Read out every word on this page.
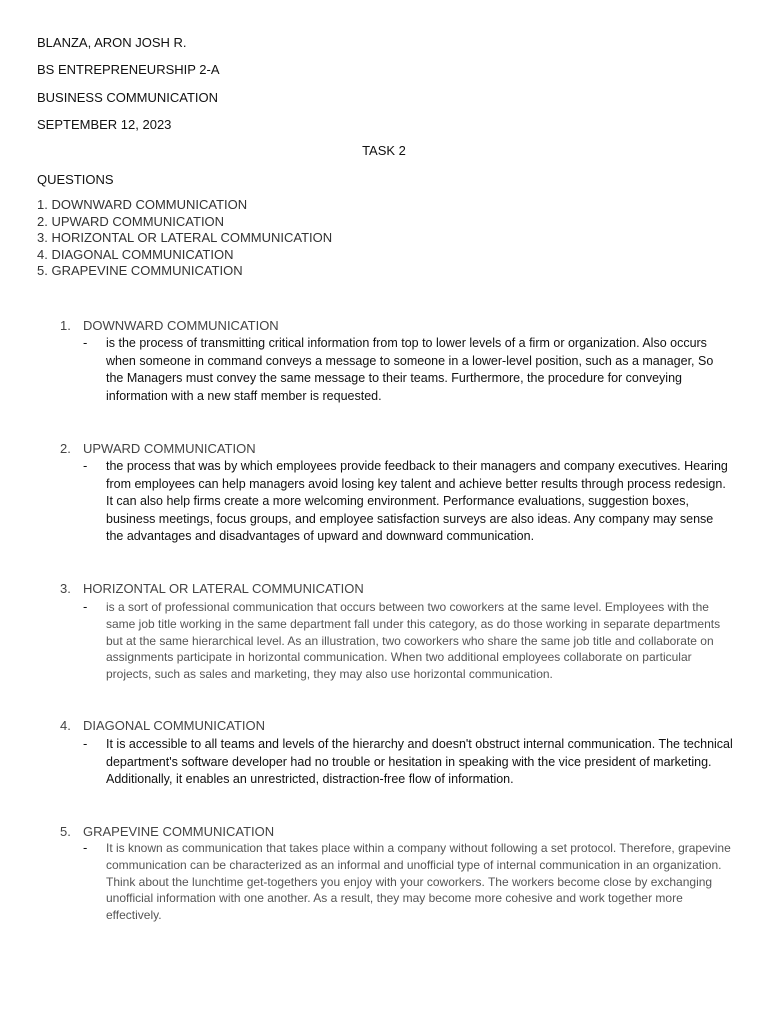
BLANZA, ARON JOSH R.
BS ENTREPRENEURSHIP 2-A
BUSINESS COMMUNICATION
SEPTEMBER 12, 2023
TASK 2
QUESTIONS
1. DOWNWARD COMMUNICATION
2. UPWARD COMMUNICATION
3. HORIZONTAL OR LATERAL COMMUNICATION
4. DIAGONAL COMMUNICATION
5. GRAPEVINE COMMUNICATION
1. DOWNWARD COMMUNICATION
- is the process of transmitting critical information from top to lower levels of a firm or organization. Also occurs when someone in command conveys a message to someone in a lower-level position, such as a manager, So the Managers must convey the same message to their teams. Furthermore, the procedure for conveying information with a new staff member is requested.
2. UPWARD COMMUNICATION
- the process that was by which employees provide feedback to their managers and company executives. Hearing from employees can help managers avoid losing key talent and achieve better results through process redesign. It can also help firms create a more welcoming environment. Performance evaluations, suggestion boxes, business meetings, focus groups, and employee satisfaction surveys are also ideas. Any company may sense the advantages and disadvantages of upward and downward communication.
3. HORIZONTAL OR LATERAL COMMUNICATION
- is a sort of professional communication that occurs between two coworkers at the same level. Employees with the same job title working in the same department fall under this category, as do those working in separate departments but at the same hierarchical level. As an illustration, two coworkers who share the same job title and collaborate on assignments participate in horizontal communication. When two additional employees collaborate on particular projects, such as sales and marketing, they may also use horizontal communication.
4. DIAGONAL COMMUNICATION
- It is accessible to all teams and levels of the hierarchy and doesn't obstruct internal communication. The technical department's software developer had no trouble or hesitation in speaking with the vice president of marketing. Additionally, it enables an unrestricted, distraction-free flow of information.
5. GRAPEVINE COMMUNICATION
- It is known as communication that takes place within a company without following a set protocol. Therefore, grapevine communication can be characterized as an informal and unofficial type of internal communication in an organization. Think about the lunchtime get-togethers you enjoy with your coworkers. The workers become close by exchanging unofficial information with one another. As a result, they may become more cohesive and work together more effectively.
